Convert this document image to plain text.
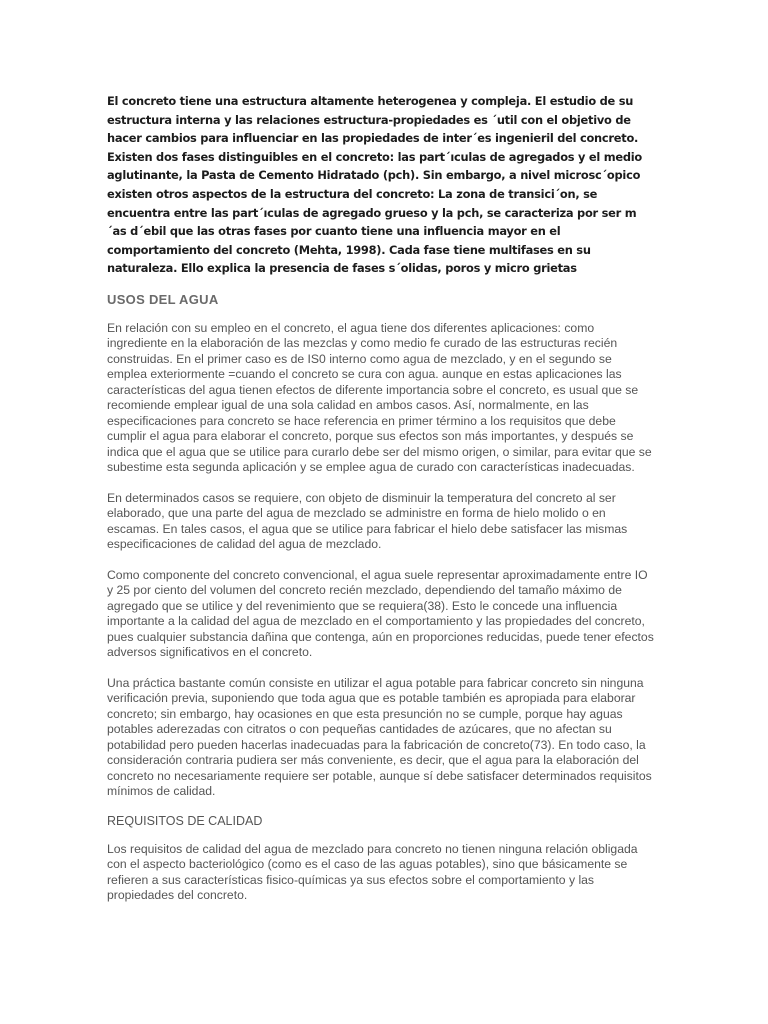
El concreto tiene una estructura altamente heterogenea y compleja. El estudio de su estructura interna y las relaciones estructura-propiedades es ´util con el objetivo de hacer cambios para influenciar en las propiedades de inter´es ingenieril del concreto. Existen dos fases distinguibles en el concreto: las part´ıculas de agregados y el medio aglutinante, la Pasta de Cemento Hidratado (pch). Sin embargo, a nivel microsc´opico existen otros aspectos de la estructura del concreto: La zona de transici´on, se encuentra entre las part´ıculas de agregado grueso y la pch, se caracteriza por ser m´as d´ebil que las otras fases por cuanto tiene una influencia mayor en el comportamiento del concreto (Mehta, 1998). Cada fase tiene multifases en su naturaleza. Ello explica la presencia de fases s´olidas, poros y micro grietas

USOS DEL AGUA

En relación con su empleo en el concreto, el agua tiene dos diferentes aplicaciones: como ingrediente en la elaboración de las mezclas y como medio fe curado de las estructuras recién construidas. En el primer caso es de IS0 interno como agua de mezclado, y en el segundo se emplea exteriormente =cuando el concreto se cura con agua. aunque en estas aplicaciones las características del agua tienen efectos de diferente importancia sobre el concreto, es usual que se recomiende emplear igual de una sola calidad en ambos casos. Así, normalmente, en las especificaciones para concreto se hace referencia en primer término a los requisitos que debe cumplir el agua para elaborar el concreto, porque sus efectos son más importantes, y después se indica que el agua que se utilice para curarlo debe ser del mismo origen, o similar, para evitar que se subestime esta segunda aplicación y se emplee agua de curado con características inadecuadas.

En determinados casos se requiere, con objeto de disminuir la temperatura del concreto al ser elaborado, que una parte del agua de mezclado se administre en forma de hielo molido o en escamas. En tales casos, el agua que se utilice para fabricar el hielo debe satisfacer las mismas especificaciones de calidad del agua de mezclado.

Como componente del concreto convencional, el agua suele representar aproximadamente entre IO y 25 por ciento del volumen del concreto recién mezclado, dependiendo del tamaño máximo de agregado que se utilice y del revenimiento que se requiera(38). Esto le concede una influencia importante a la calidad del agua de mezclado en el comportamiento y las propiedades del concreto, pues cualquier substancia dañina que contenga, aún en proporciones reducidas, puede tener efectos adversos significativos en el concreto.

Una práctica bastante común consiste en utilizar el agua potable para fabricar concreto sin ninguna verificación previa, suponiendo que toda agua que es potable también es apropiada para elaborar concreto; sin embargo, hay ocasiones en que esta presunción no se cumple, porque hay aguas potables aderezadas con citratos o con pequeñas cantidades de azúcares, que no afectan su potabilidad pero pueden hacerlas inadecuadas para la fabricación de concreto(73). En todo caso, la consideración contraria pudiera ser más conveniente, es decir, que el agua para la elaboración del concreto no necesariamente requiere ser potable, aunque sí debe satisfacer determinados requisitos mínimos de calidad.

REQUISITOS DE CALIDAD

Los requisitos de calidad del agua de mezclado para concreto no tienen ninguna relación obligada con el aspecto bacteriológico (como es el caso de las aguas potables), sino que básicamente se refieren a sus características fisico-químicas ya sus efectos sobre el comportamiento y las propiedades del concreto.
